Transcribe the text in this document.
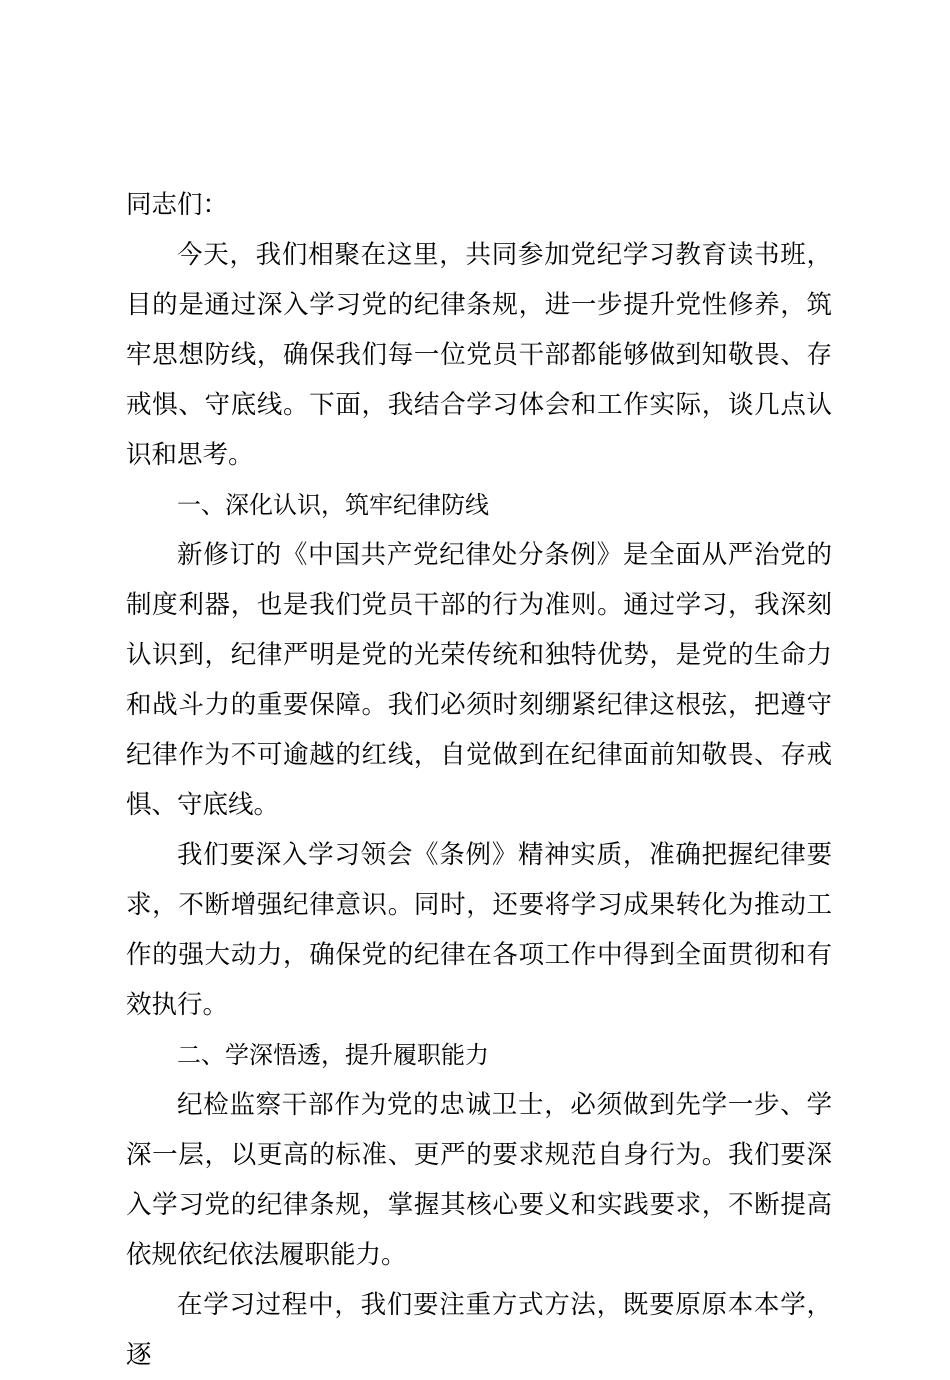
同志们：

今天，我们相聚在这里，共同参加党纪学习教育读书班，目的是通过深入学习党的纪律条规，进一步提升党性修养，筑牢思想防线，确保我们每一位党员干部都能够做到知敬畏、存戒惧、守底线。下面，我结合学习体会和工作实际，谈几点认识和思考。

一、深化认识，筑牢纪律防线

新修订的《中国共产党纪律处分条例》是全面从严治党的制度利器，也是我们党员干部的行为准则。通过学习，我深刻认识到，纪律严明是党的光荣传统和独特优势，是党的生命力和战斗力的重要保障。我们必须时刻绷紧纪律这根弦，把遵守纪律作为不可逾越的红线，自觉做到在纪律面前知敬畏、存戒惧、守底线。

我们要深入学习领会《条例》精神实质，准确把握纪律要求，不断增强纪律意识。同时，还要将学习成果转化为推动工作的强大动力，确保党的纪律在各项工作中得到全面贯彻和有效执行。

二、学深悟透，提升履职能力

纪检监察干部作为党的忠诚卫士，必须做到先学一步、学深一层，以更高的标准、更严的要求规范自身行为。我们要深入学习党的纪律条规，掌握其核心要义和实践要求，不断提高依规依纪依法履职能力。

在学习过程中，我们要注重方式方法，既要原原本本学，逐
